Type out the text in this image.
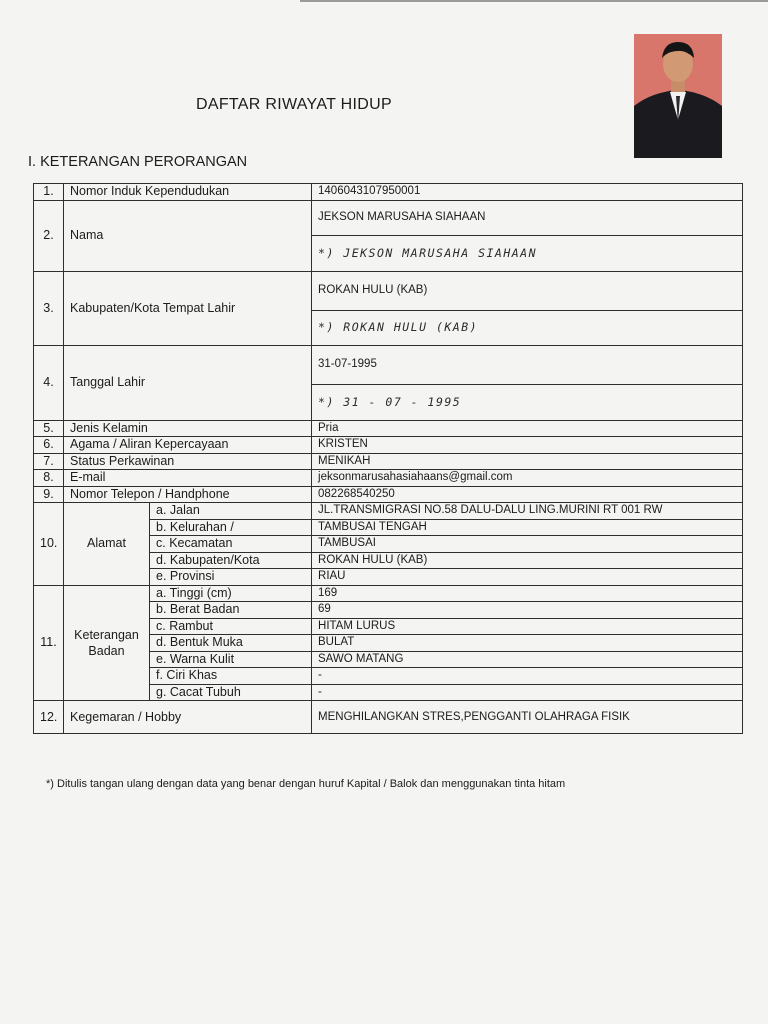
DAFTAR RIWAYAT HIDUP
I. KETERANGAN PERORANGAN
1.	Nomor Induk Kependudukan		1406043107950001
2.	Nama		JEKSON MARUSAHA SIAHAAN
			*) JEKSON MARUSAHA SIAHAAN
3.	Kabupaten/Kota Tempat Lahir		ROKAN HULU (KAB)
			*) ROKAN HULU (KAB)
4.	Tanggal Lahir		31-07-1995
			*) 31 - 07 - 1995
5.	Jenis Kelamin		Pria
6.	Agama / Aliran Kepercayaan		KRISTEN
7.	Status Perkawinan		MENIKAH
8.	E-mail		jeksonmarusahasiahaans@gmail.com
9.	Nomor Telepon / Handphone		082268540250
10.	Alamat	a. Jalan	JL.TRANSMIGRASI NO.58 DALU-DALU LING.MURINI RT 001 RW
		b. Kelurahan /	TAMBUSAI TENGAH
		c. Kecamatan	TAMBUSAI
		d. Kabupaten/Kota	ROKAN HULU (KAB)
		e. Provinsi	RIAU
11.	Keterangan Badan	a. Tinggi (cm)	169
		b. Berat Badan	69
		c. Rambut	HITAM LURUS
		d. Bentuk Muka	BULAT
		e. Warna Kulit	SAWO MATANG
		f. Ciri Khas	-
		g. Cacat Tubuh	-
12.	Kegemaran / Hobby		MENGHILANGKAN STRES,PENGGANTI OLAHRAGA FISIK
*) Ditulis tangan ulang dengan data yang benar dengan huruf Kapital / Balok dan menggunakan tinta hitam
